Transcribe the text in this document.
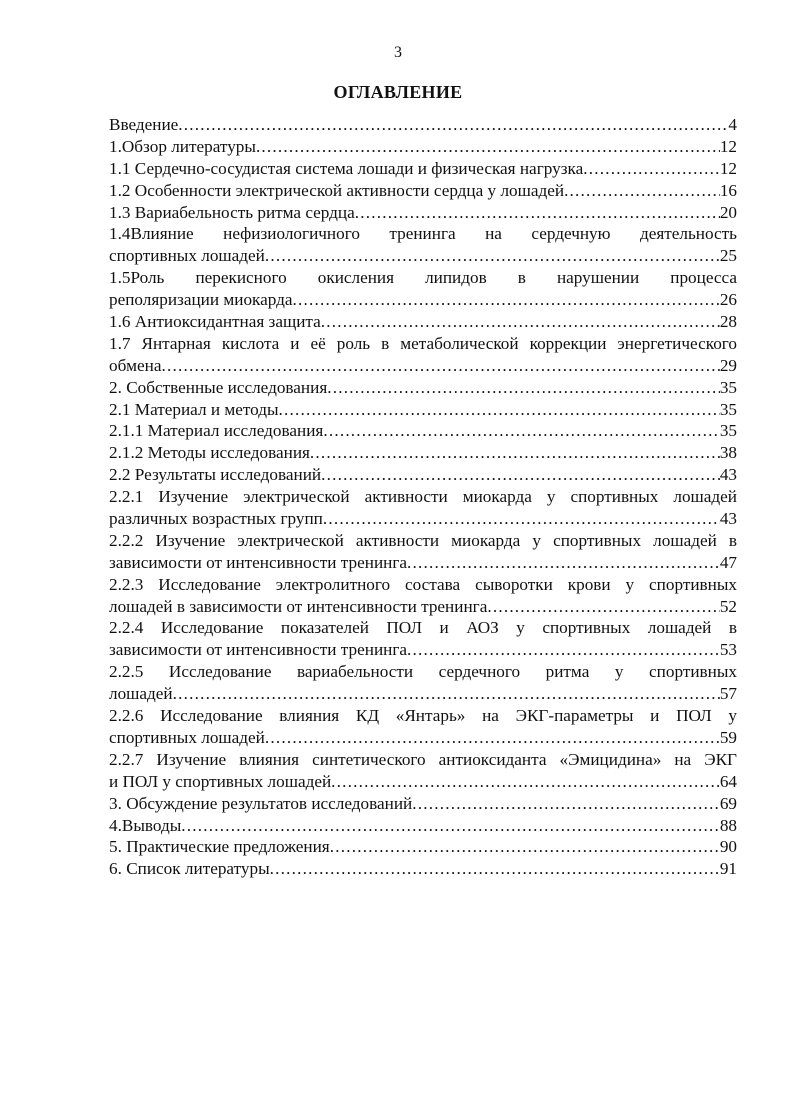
3
ОГЛАВЛЕНИЕ
Введение .....	4
1.Обзор литературы .....	12
1.1 Сердечно-сосудистая система лошади и физическая нагрузка .....	12
1.2 Особенности электрической активности сердца у лошадей .....	16
1.3 Вариабельность ритма сердца .....	20
1.4Влияние нефизиологичного тренинга на сердечную деятельность
спортивных лошадей .....	25
1.5Роль перекисного окисления липидов в нарушении процесса
реполяризации миокарда .....	26
1.6 Антиоксидантная защита .....	28
1.7 Янтарная кислота и её роль в метаболической коррекции энергетического
обмена .....	29
2. Собственные исследования .....	35
2.1 Материал и методы .....	35
2.1.1 Материал исследования .....	35
2.1.2 Методы исследования .....	38
2.2 Результаты исследований .....	43
2.2.1 Изучение электрической активности миокарда у спортивных лошадей
различных возрастных групп .....	43
2.2.2 Изучение электрической активности миокарда у спортивных лошадей в
зависимости от интенсивности тренинга .....	47
2.2.3 Исследование электролитного состава сыворотки крови у спортивных
лошадей в зависимости от интенсивности тренинга .....	52
2.2.4 Исследование показателей ПОЛ и АОЗ у спортивных лошадей в
зависимости от интенсивности тренинга .....	53
2.2.5 Исследование вариабельности сердечного ритма у спортивных
лошадей .....	57
2.2.6 Исследование влияния КД «Янтарь» на ЭКГ-параметры и ПОЛ у
спортивных лошадей .....	59
2.2.7 Изучение влияния синтетического антиоксиданта «Эмицидина» на ЭКГ
и ПОЛ у спортивных лошадей .....	64
3. Обсуждение результатов исследований .....	69
4.Выводы .....	88
5. Практические предложения .....	90
6. Список литературы .....	91
